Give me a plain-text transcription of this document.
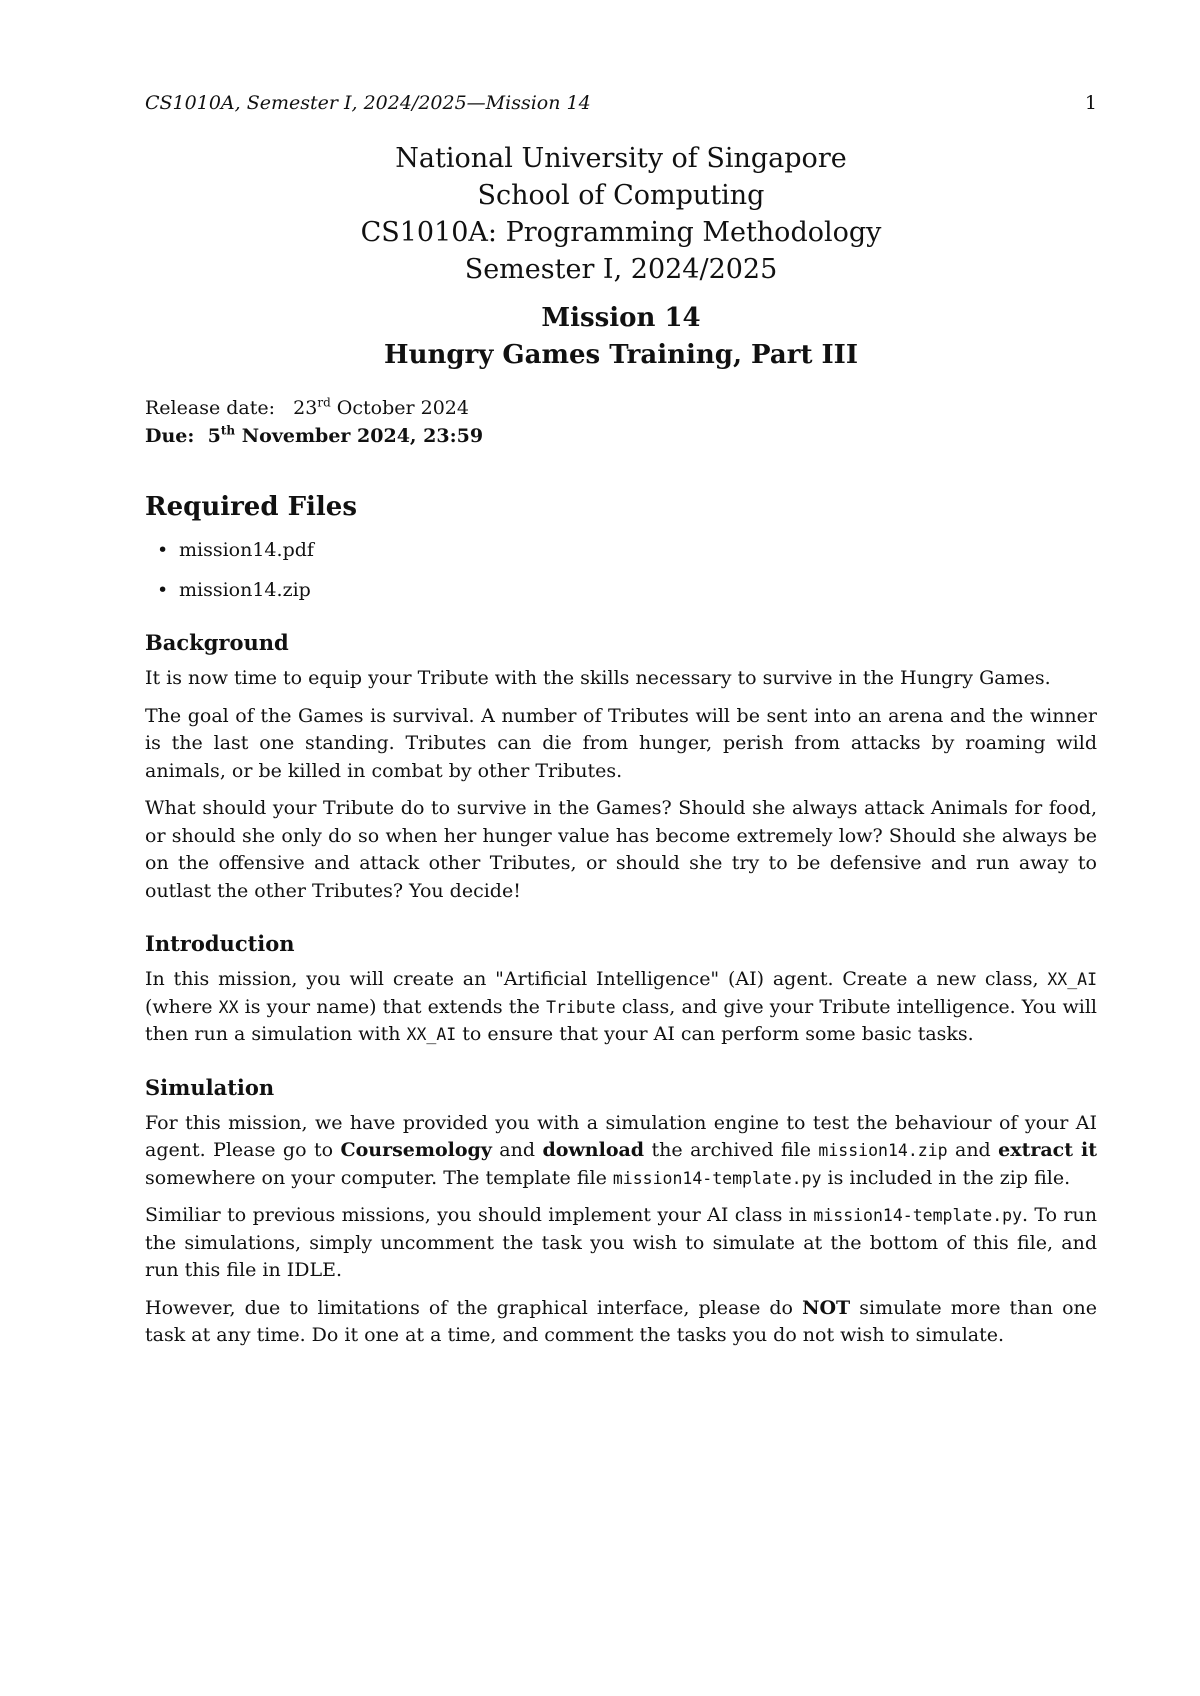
CS1010A, Semester I, 2024/2025—Mission 14	1
National University of Singapore
School of Computing
CS1010A: Programming Methodology
Semester I, 2024/2025
Mission 14
Hungry Games Training, Part III
Release date: 23rd October 2024
Due: 5th November 2024, 23:59
Required Files
• mission14.pdf
• mission14.zip
Background

It is now time to equip your Tribute with the skills necessary to survive in the Hungry Games.

The goal of the Games is survival. A number of Tributes will be sent into an arena and the winner is the last one standing. Tributes can die from hunger, perish from attacks by roaming wild animals, or be killed in combat by other Tributes.

What should your Tribute do to survive in the Games? Should she always attack Animals for food, or should she only do so when her hunger value has become extremely low? Should she always be on the offensive and attack other Tributes, or should she try to be defensive and run away to outlast the other Tributes? You decide!

Introduction

In this mission, you will create an "Artificial Intelligence" (AI) agent. Create a new class, XX_AI (where XX is your name) that extends the Tribute class, and give your Tribute intelligence. You will then run a simulation with XX_AI to ensure that your AI can perform some basic tasks.

Simulation

For this mission, we have provided you with a simulation engine to test the behaviour of your AI agent. Please go to Coursemology and download the archived file mission14.zip and extract it somewhere on your computer. The template file mission14-template.py is included in the zip file.

Similiar to previous missions, you should implement your AI class in mission14-template.py. To run the simulations, simply uncomment the task you wish to simulate at the bottom of this file, and run this file in IDLE.

However, due to limitations of the graphical interface, please do NOT simulate more than one task at any time. Do it one at a time, and comment the tasks you do not wish to simulate.
